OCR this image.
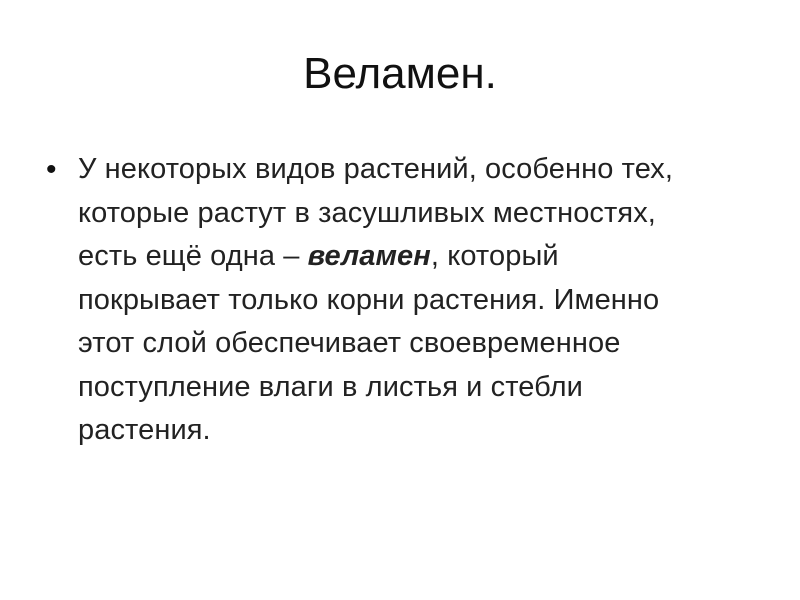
Веламен.
• У некоторых видов растений, особенно тех, которые растут в засушливых местностях, есть ещё одна – веламен, который покрывает только корни растения. Именно этот слой обеспечивает своевременное поступление влаги в листья и стебли растения.
